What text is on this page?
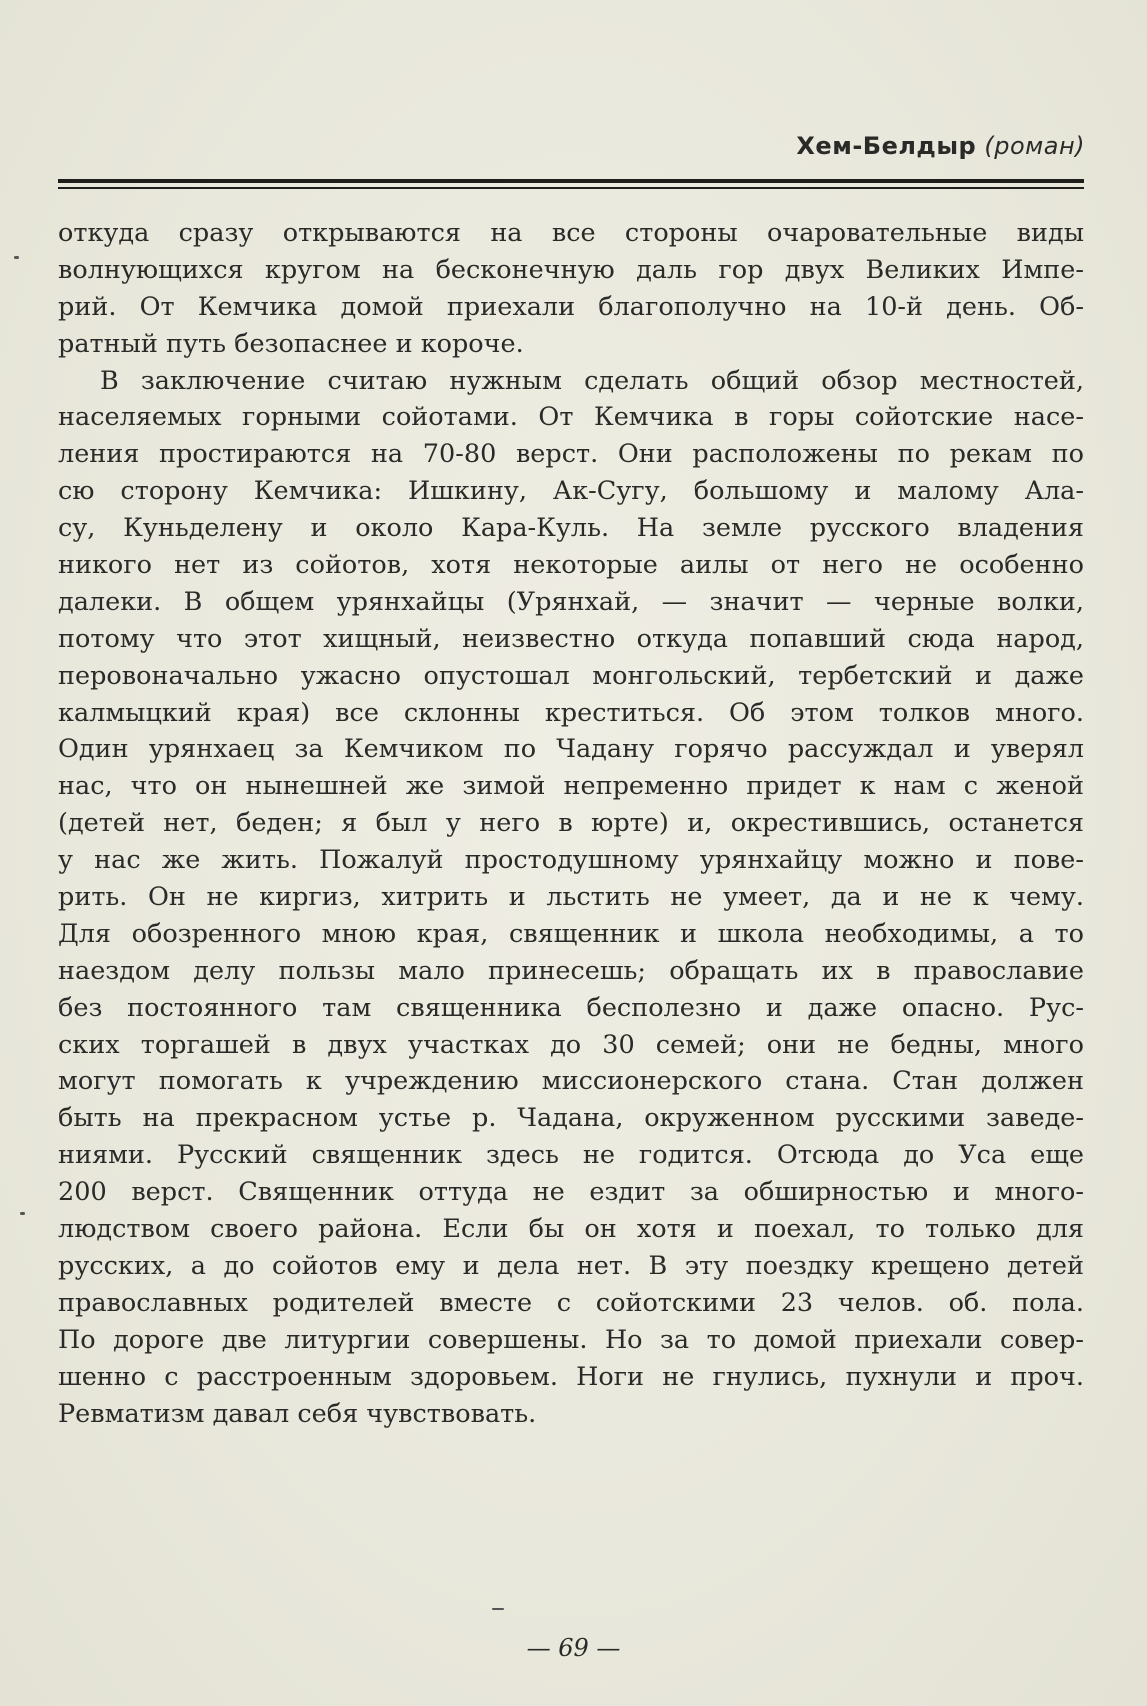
Хем-Белдыр (роман)
откуда сразу открываются на все стороны очаровательные виды
волнующихся кругом на бесконечную даль гор двух Великих Импе-
рий. От Кемчика домой приехали благополучно на 10-й день. Об-
ратный путь безопаснее и короче.
В заключение считаю нужным сделать общий обзор местностей,
населяемых горными сойотами. От Кемчика в горы сойотские насе-
ления простираются на 70-80 верст. Они расположены по рекам по
сю сторону Кемчика: Ишкину, Ак-Сугу, большому и малому Ала-
су, Куньделену и около Кара-Куль. На земле русского владения
никого нет из сойотов, хотя некоторые аилы от него не особенно
далеки. В общем урянхайцы (Урянхай, — значит — черные волки,
потому что этот хищный, неизвестно откуда попавший сюда народ,
перовоначально ужасно опустошал монгольский, тербетский и даже
калмыцкий края) все склонны креститься. Об этом толков много.
Один урянхаец за Кемчиком по Чадану горячо рассуждал и уверял
нас, что он нынешней же зимой непременно придет к нам с женой
(детей нет, беден; я был у него в юрте) и, окрестившись, останется
у нас же жить. Пожалуй простодушному урянхайцу можно и пове-
рить. Он не киргиз, хитрить и льстить не умеет, да и не к чему.
Для обозренного мною края, священник и школа необходимы, а то
наездом делу пользы мало принесешь; обращать их в православие
без постоянного там священника бесполезно и даже опасно. Рус-
ских торгашей в двух участках до 30 семей; они не бедны, много
могут помогать к учреждению миссионерского стана. Стан должен
быть на прекрасном устье р. Чадана, окруженном русскими заведе-
ниями. Русский священник здесь не годится. Отсюда до Уса еще
200 верст. Священник оттуда не ездит за обширностью и много-
людством своего района. Если бы он хотя и поехал, то только для
русских, а до сойотов ему и дела нет. В эту поездку крещено детей
православных родителей вместе с сойотскими 23 челов. об. пола.
По дороге две литургии совершены. Но за то домой приехали совер-
шенно с расстроенным здоровьем. Ноги не гнулись, пухнули и проч.
Ревматизм давал себя чувствовать.
— 69 —
